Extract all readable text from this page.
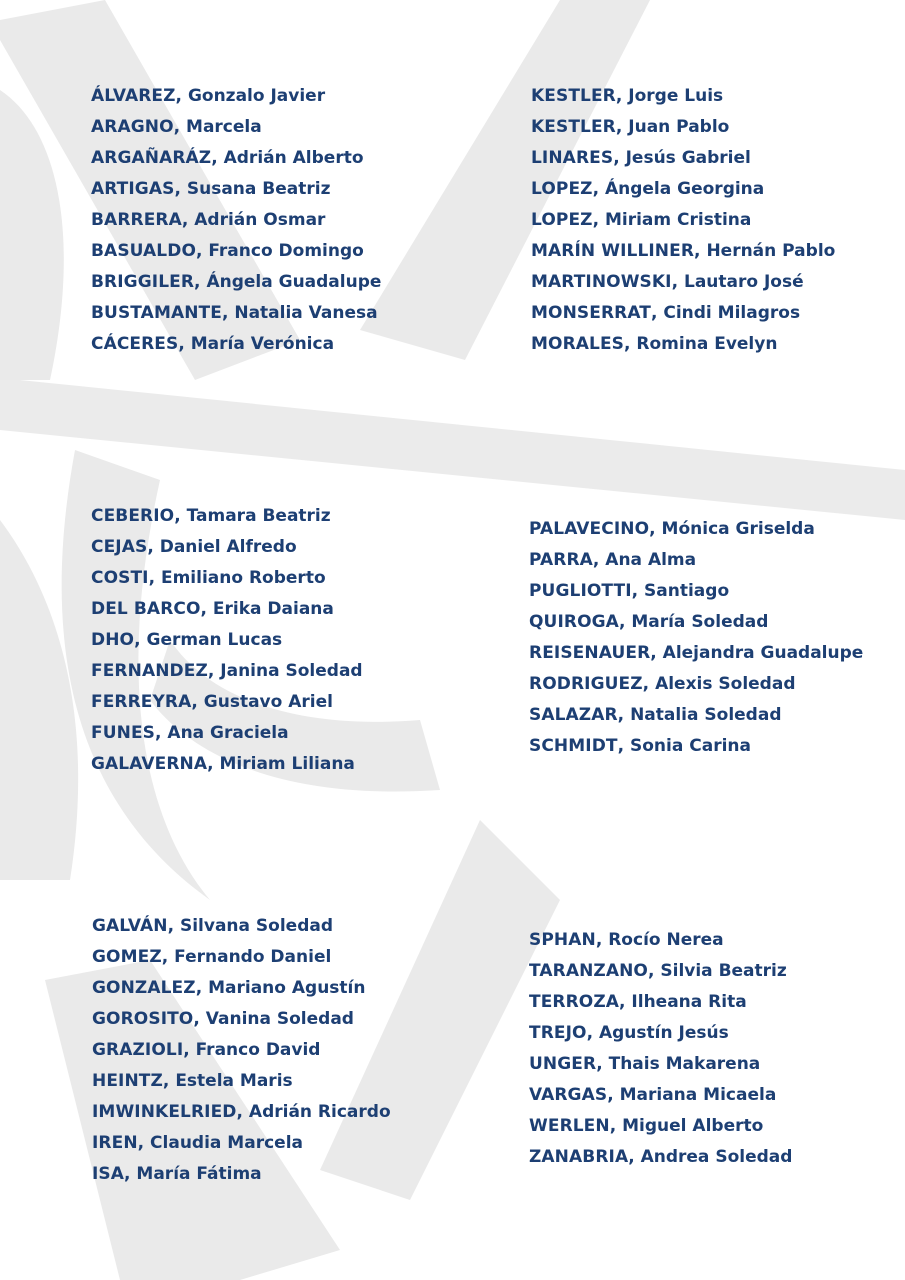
ÁLVAREZ, Gonzalo Javier
ARAGNO, Marcela
ARGAÑARÁZ, Adrián Alberto
ARTIGAS, Susana Beatriz
BARRERA, Adrián Osmar
BASUALDO, Franco Domingo
BRIGGILER, Ángela Guadalupe
BUSTAMANTE, Natalia Vanesa
CÁCERES, María Verónica
KESTLER, Jorge Luis
KESTLER, Juan Pablo
LINARES, Jesús Gabriel
LOPEZ, Ángela Georgina
LOPEZ, Miriam Cristina
MARÍN WILLINER, Hernán Pablo
MARTINOWSKI, Lautaro José
MONSERRAT, Cindi Milagros
MORALES, Romina Evelyn
CEBERIO, Tamara Beatriz
CEJAS, Daniel Alfredo
COSTI, Emiliano Roberto
DEL BARCO, Erika Daiana
DHO, German Lucas
FERNANDEZ, Janina Soledad
FERREYRA, Gustavo Ariel
FUNES, Ana Graciela
GALAVERNA, Miriam Liliana
PALAVECINO, Mónica Griselda
PARRA, Ana Alma
PUGLIOTTI, Santiago
QUIROGA, María Soledad
REISENAUER, Alejandra Guadalupe
RODRIGUEZ, Alexis Soledad
SALAZAR, Natalia Soledad
SCHMIDT, Sonia Carina
GALVÁN, Silvana Soledad
GOMEZ, Fernando Daniel
GONZALEZ, Mariano Agustín
GOROSITO, Vanina Soledad
GRAZIOLI, Franco David
HEINTZ, Estela Maris
IMWINKELRIED, Adrián Ricardo
IREN, Claudia Marcela
ISA, María Fátima
SPHAN, Rocío Nerea
TARANZANO, Silvia Beatriz
TERROZA, Ilheana Rita
TREJO, Agustín Jesús
UNGER, Thais Makarena
VARGAS, Mariana Micaela
WERLEN, Miguel Alberto
ZANABRIA, Andrea Soledad
